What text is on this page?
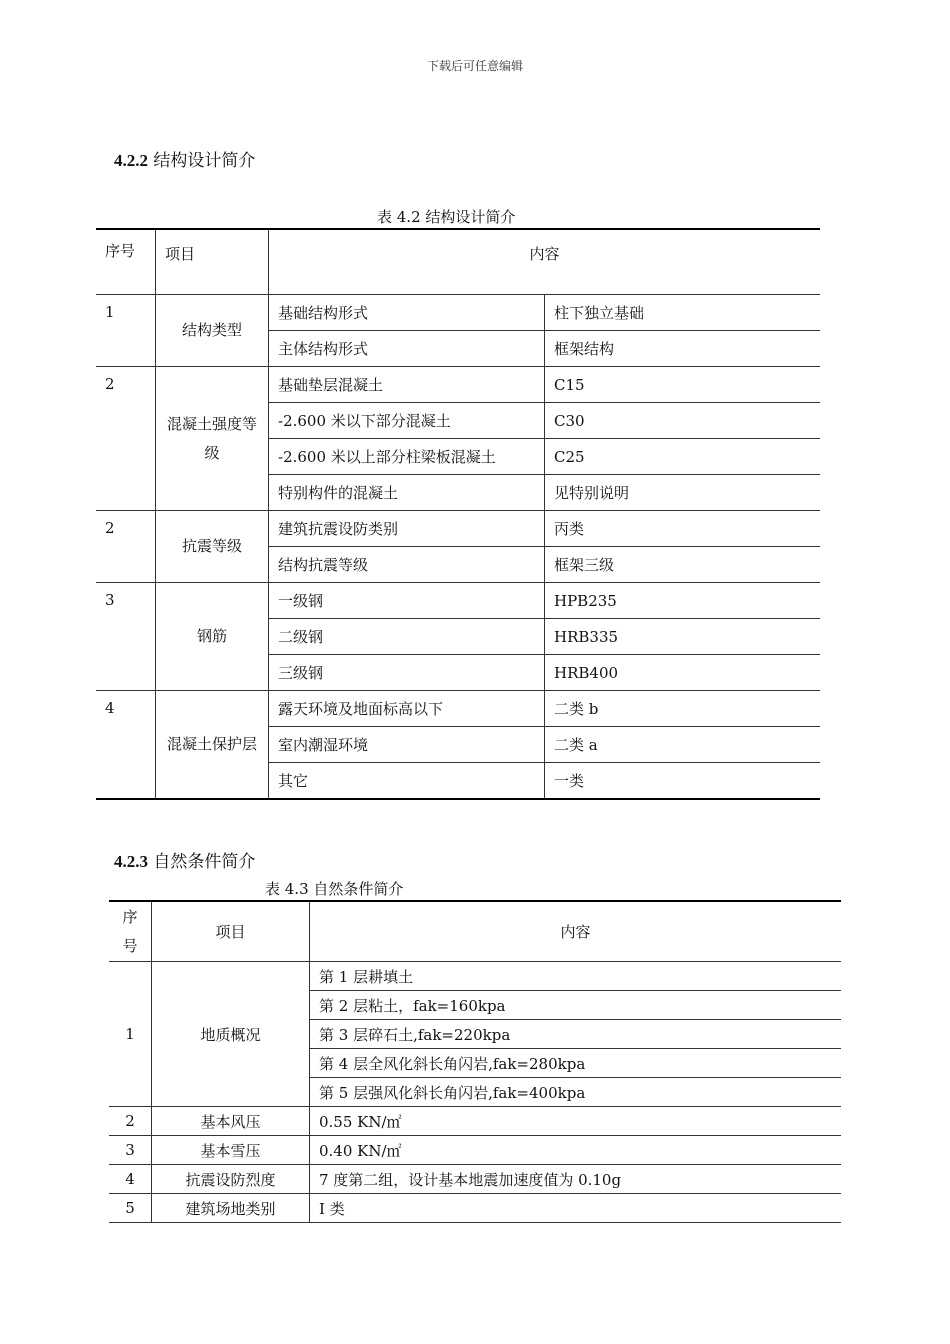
下载后可任意编辑
4.2.2 结构设计简介
表 4.2 结构设计简介
序号	项目	内容	
1	结构类型	基础结构形式	柱下独立基础
		主体结构形式	框架结构
2	混凝土强度等级	基础垫层混凝土	C15
		-2.600 米以下部分混凝土	C30
		-2.600 米以上部分柱梁板混凝土	C25
		特别构件的混凝土	见特别说明
2	抗震等级	建筑抗震设防类别	丙类
		结构抗震等级	框架三级
3	钢筋	一级钢	HPB235
		二级钢	HRB335
		三级钢	HRB400
4	混凝土保护层	露天环境及地面标高以下	二类 b
		室内潮湿环境	二类 a
		其它	一类
4.2.3 自然条件简介
表 4.3 自然条件简介
序号	项目	内容
1	地质概况	第 1 层耕填土
		第 2 层粘土，fak=160kpa
		第 3 层碎石土,fak=220kpa
		第 4 层全风化斜长角闪岩,fak=280kpa
		第 5 层强风化斜长角闪岩,fak=400kpa
2	基本风压	0.55 KN/㎡
3	基本雪压	0.40 KN/㎡
4	抗震设防烈度	7 度第二组，设计基本地震加速度值为 0.10g
5	建筑场地类别	Ⅰ 类
